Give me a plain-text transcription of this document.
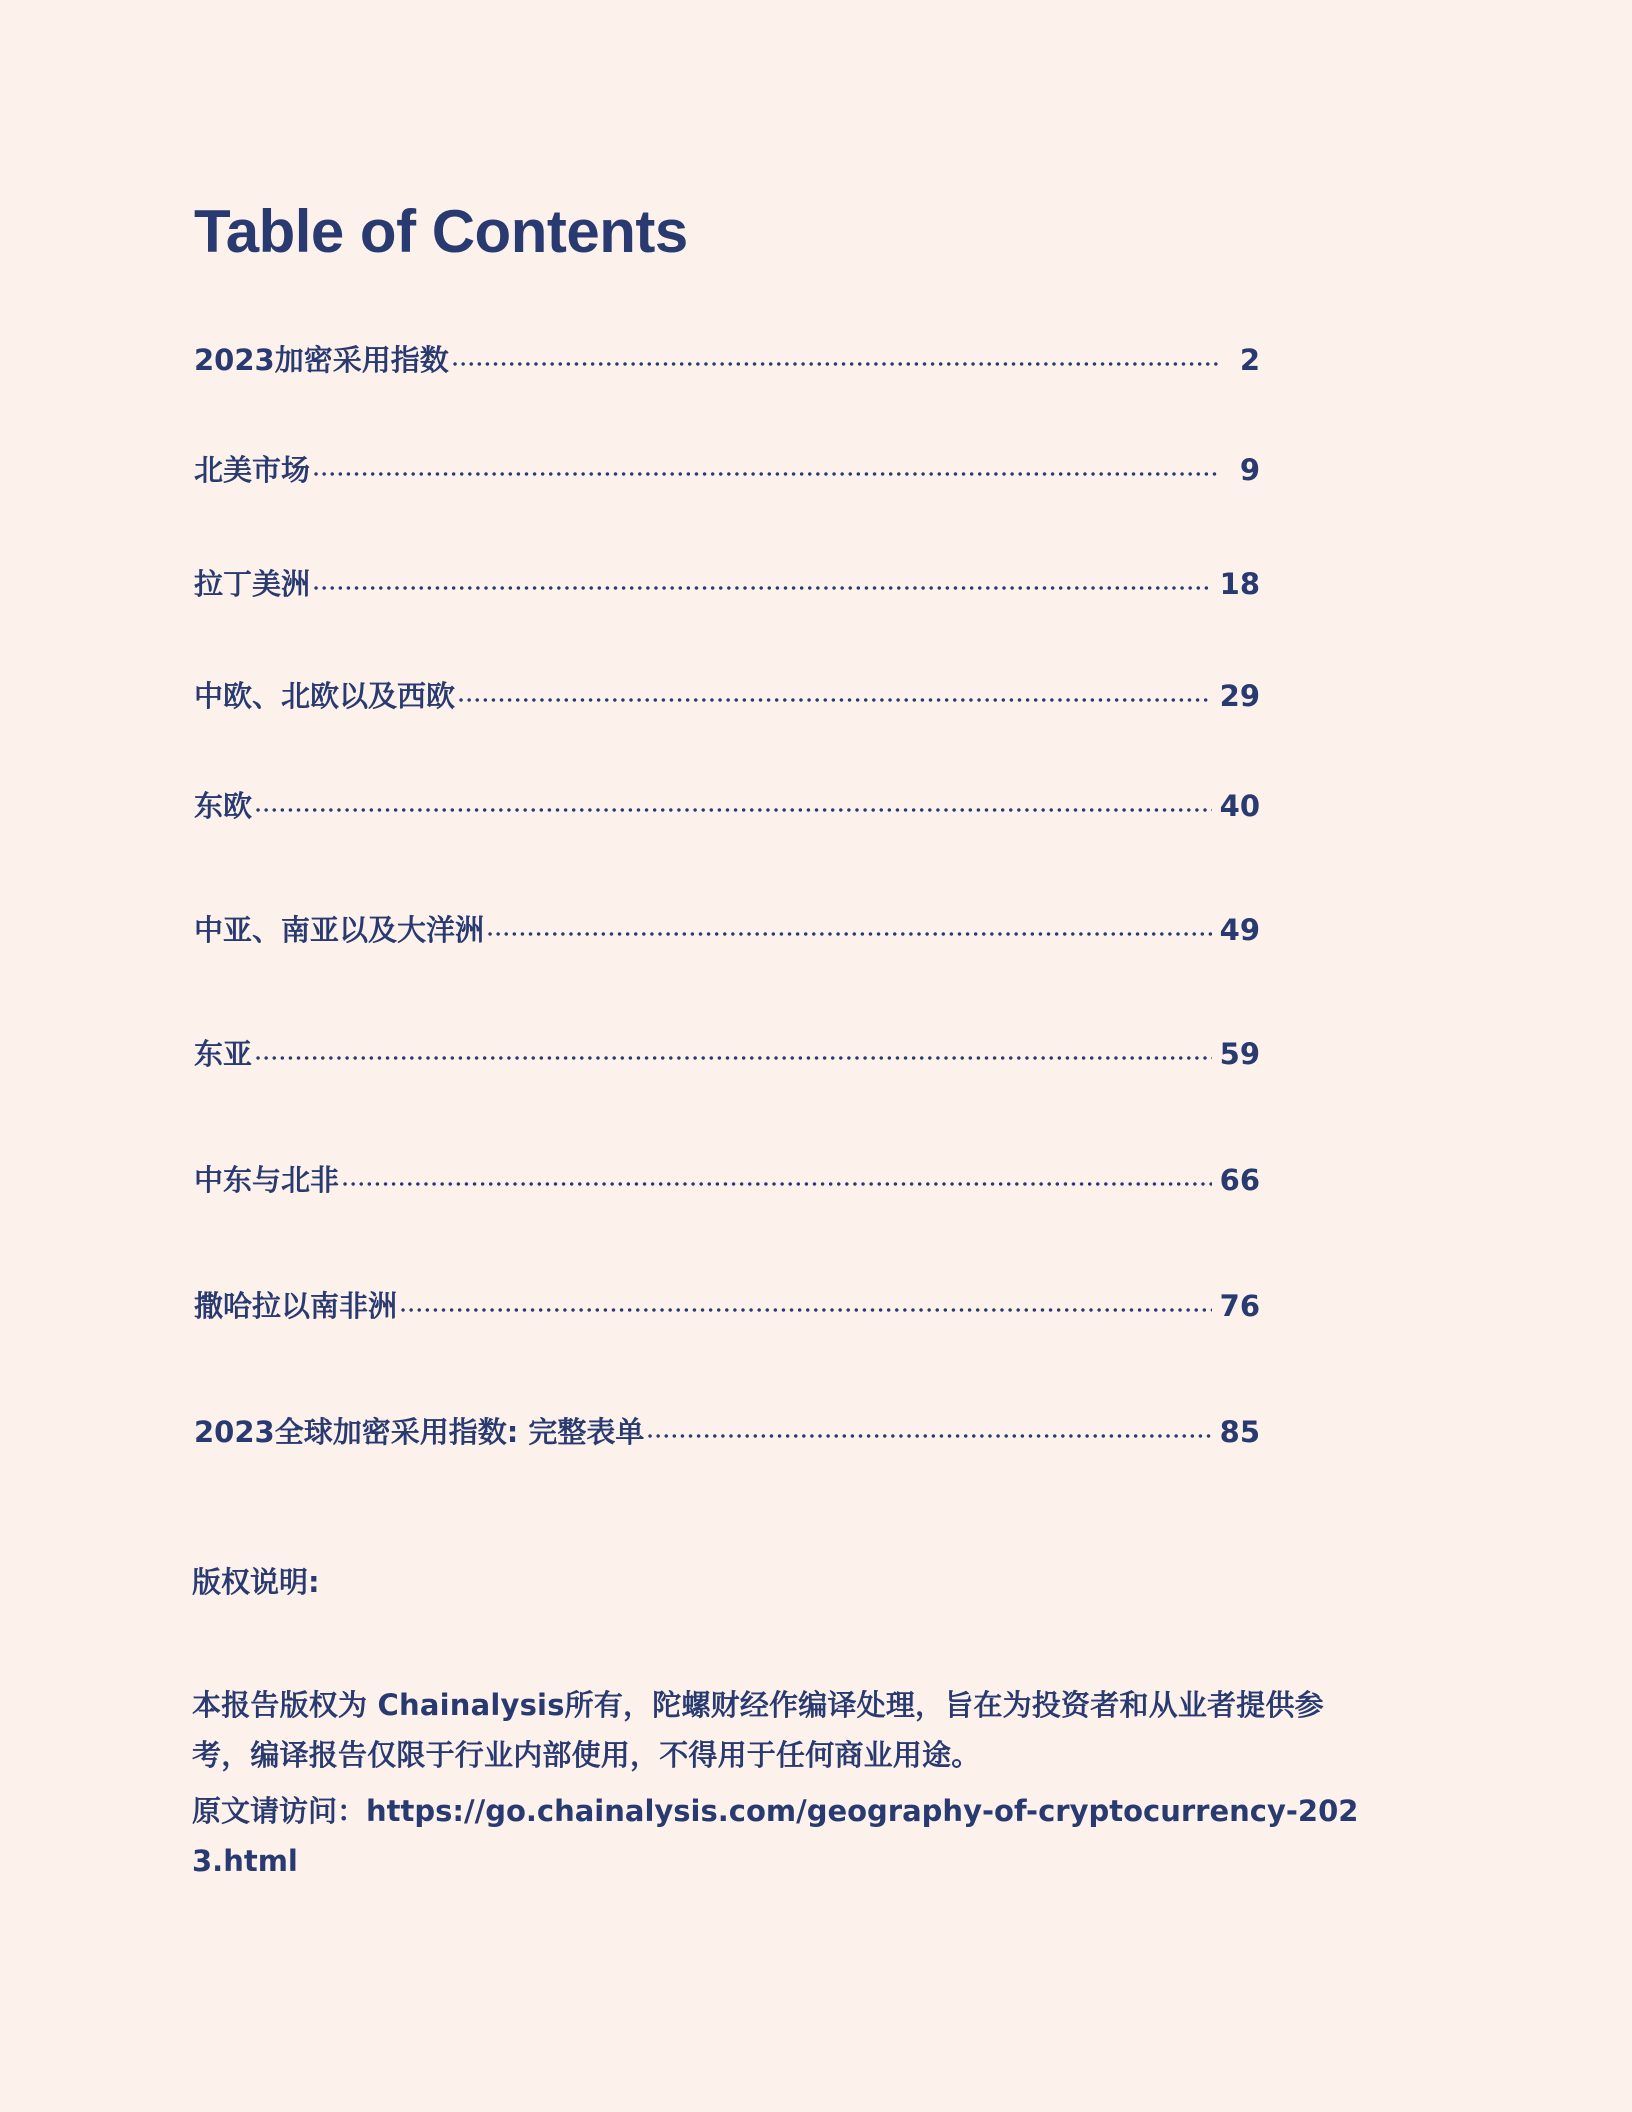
Table of Contents
2023加密采用指数	2
北美市场	9
拉丁美洲	18
中欧、北欧以及西欧	29
东欧	40
中亚、南亚以及大洋洲	49
东亚	59
中东与北非	66
撒哈拉以南非洲	76
2023全球加密采用指数: 完整表单	85
版权说明:

本报告版权为 Chainalysis所有，陀螺财经作编译处理，旨在为投资者和从业者提供参考，编译报告仅限于行业内部使用，不得用于任何商业用途。

原文请访问：https://go.chainalysis.com/geography-of-cryptocurrency-2023.html
